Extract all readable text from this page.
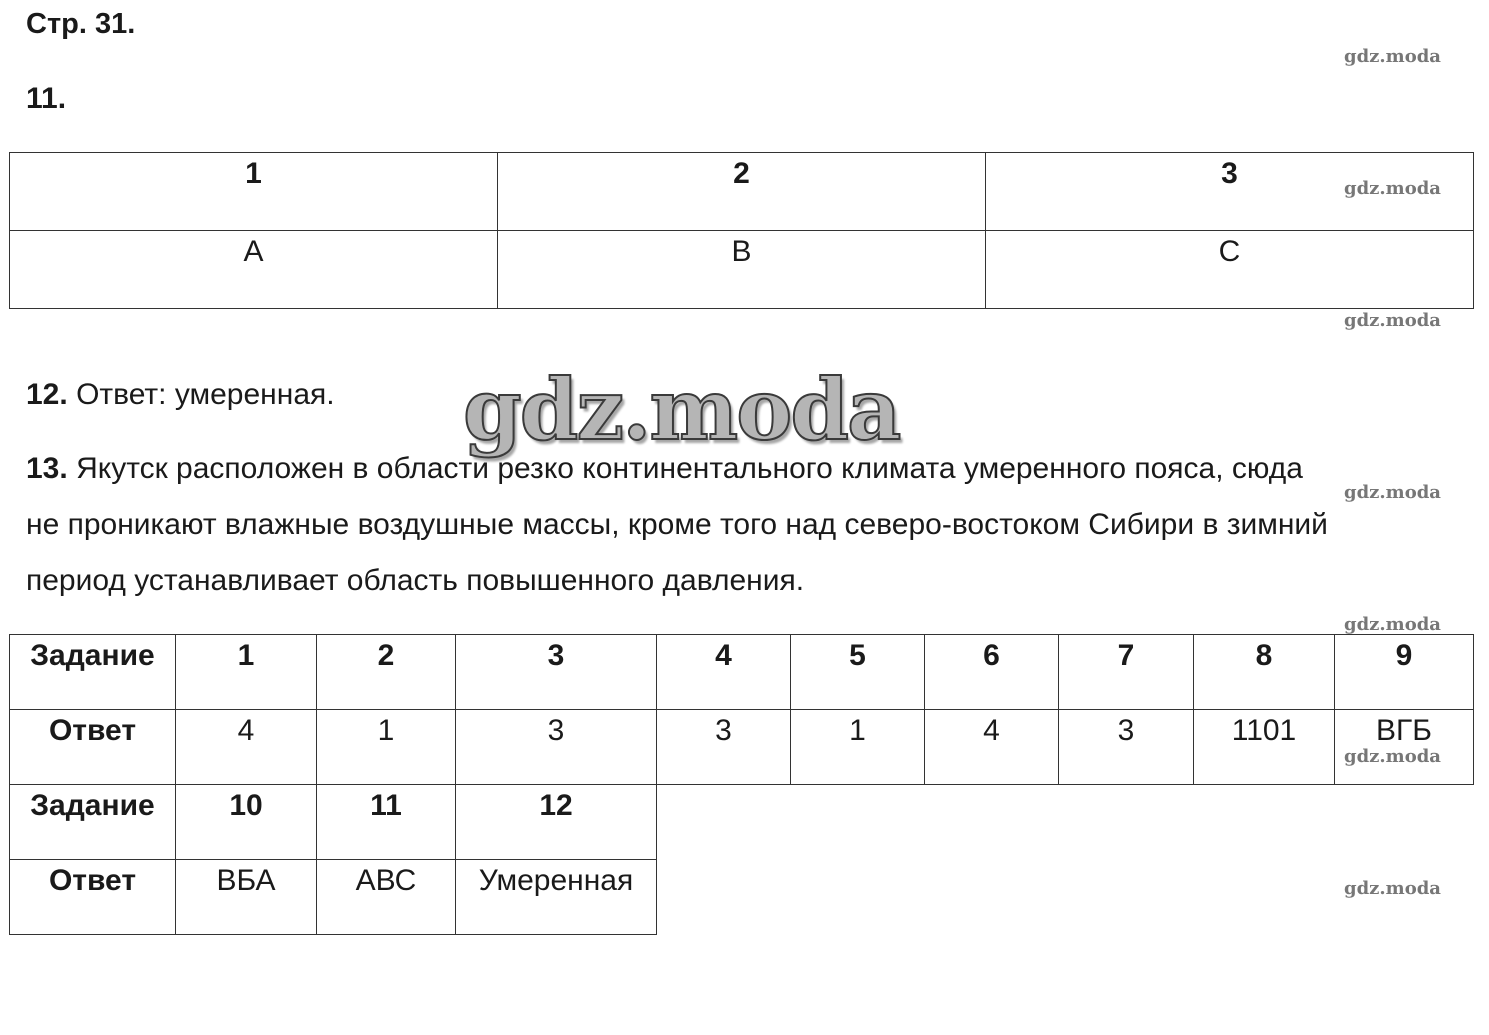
Стр. 31.
gdz.moda
gdz.moda
gdz.moda
gdz.moda
gdz.moda
gdz.moda
gdz.moda
11.
1	2	3
А	В	С

12. Ответ: умеренная.	gdz.moda

13. Якутск расположен в области резко континентального климата умеренного пояса, сюда

не проникают влажные воздушные массы, кроме того над северо-востоком Сибири в зимний

период устанавливает область повышенного давления.

Задание	1	2	3	4	5	6	7	8	9
Ответ	4	1	3	3	1	4	3	1101	ВГБ
Задание	10	11	12						
Ответ	ВБА	АВС	Умеренная						
